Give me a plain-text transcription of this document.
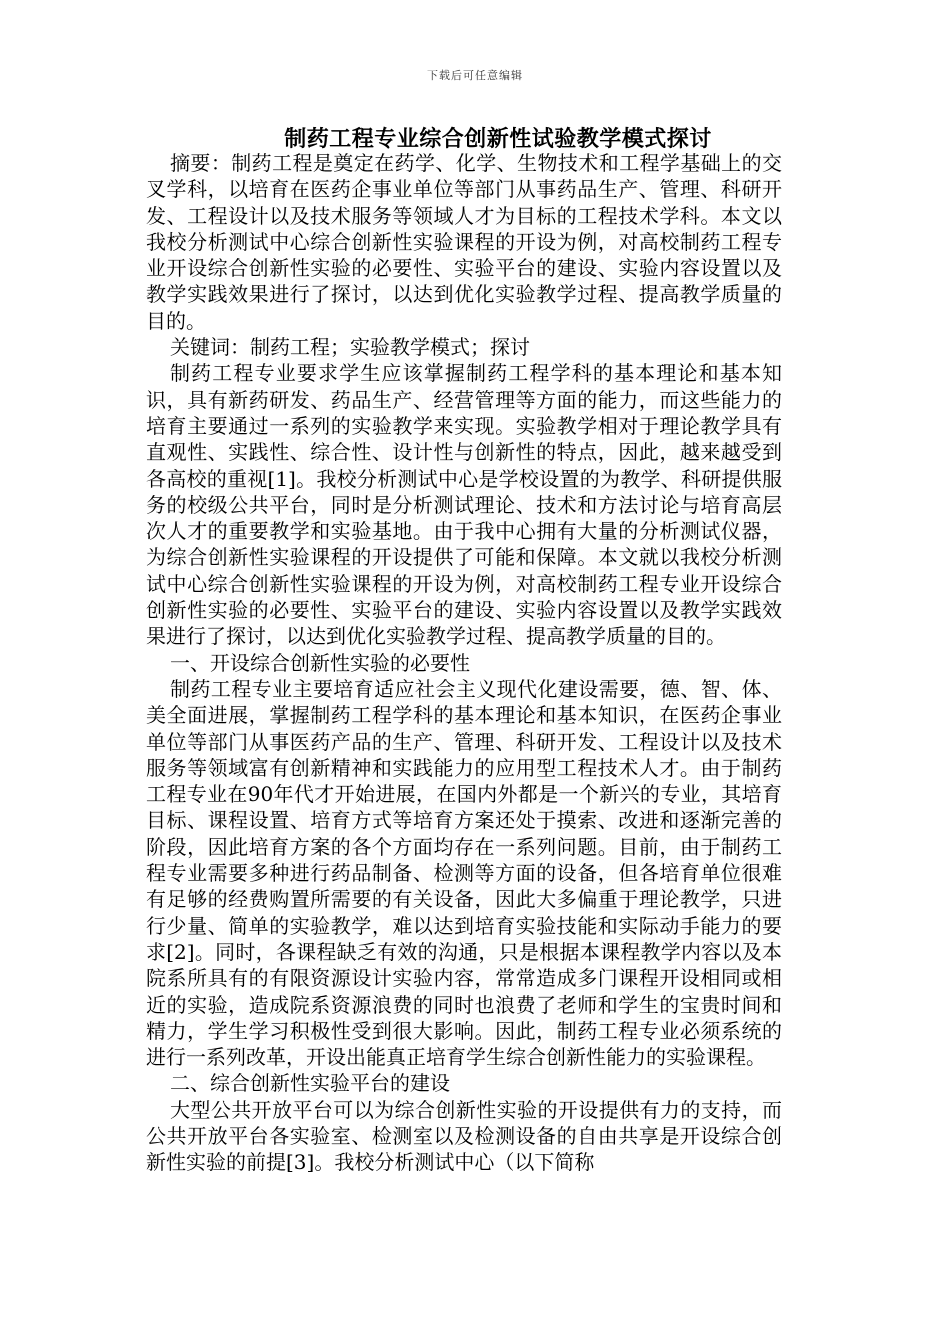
下载后可任意编辑
制药工程专业综合创新性试验教学模式探讨

摘要：制药工程是奠定在药学、化学、生物技术和工程学基础上的交叉学科，以培育在医药企事业单位等部门从事药品生产、管理、科研开发、工程设计以及技术服务等领域人才为目标的工程技术学科。本文以我校分析测试中心综合创新性实验课程的开设为例，对高校制药工程专业开设综合创新性实验的必要性、实验平台的建设、实验内容设置以及教学实践效果进行了探讨，以达到优化实验教学过程、提高教学质量的目的。

关键词：制药工程；实验教学模式；探讨

制药工程专业要求学生应该掌握制药工程学科的基本理论和基本知识，具有新药研发、药品生产、经营管理等方面的能力，而这些能力的培育主要通过一系列的实验教学来实现。实验教学相对于理论教学具有直观性、实践性、综合性、设计性与创新性的特点，因此，越来越受到各高校的重视[1]。我校分析测试中心是学校设置的为教学、科研提供服务的校级公共平台，同时是分析测试理论、技术和方法讨论与培育高层次人才的重要教学和实验基地。由于我中心拥有大量的分析测试仪器，为综合创新性实验课程的开设提供了可能和保障。本文就以我校分析测试中心综合创新性实验课程的开设为例，对高校制药工程专业开设综合创新性实验的必要性、实验平台的建设、实验内容设置以及教学实践效果进行了探讨，以达到优化实验教学过程、提高教学质量的目的。

一、开设综合创新性实验的必要性

制药工程专业主要培育适应社会主义现代化建设需要，德、智、体、美全面进展，掌握制药工程学科的基本理论和基本知识，在医药企事业单位等部门从事医药产品的生产、管理、科研开发、工程设计以及技术服务等领域富有创新精神和实践能力的应用型工程技术人才。由于制药工程专业在90年代才开始进展，在国内外都是一个新兴的专业，其培育目标、课程设置、培育方式等培育方案还处于摸索、改进和逐渐完善的阶段，因此培育方案的各个方面均存在一系列问题。目前，由于制药工程专业需要多种进行药品制备、检测等方面的设备，但各培育单位很难有足够的经费购置所需要的有关设备，因此大多偏重于理论教学，只进行少量、简单的实验教学，难以达到培育实验技能和实际动手能力的要求[2]。同时，各课程缺乏有效的沟通，只是根据本课程教学内容以及本院系所具有的有限资源设计实验内容，常常造成多门课程开设相同或相近的实验，造成院系资源浪费的同时也浪费了老师和学生的宝贵时间和精力，学生学习积极性受到很大影响。因此，制药工程专业必须系统的进行一系列改革，开设出能真正培育学生综合创新性能力的实验课程。

二、综合创新性实验平台的建设

大型公共开放平台可以为综合创新性实验的开设提供有力的支持，而公共开放平台各实验室、检测室以及检测设备的自由共享是开设综合创新性实验的前提[3]。我校分析测试中心（以下简称
